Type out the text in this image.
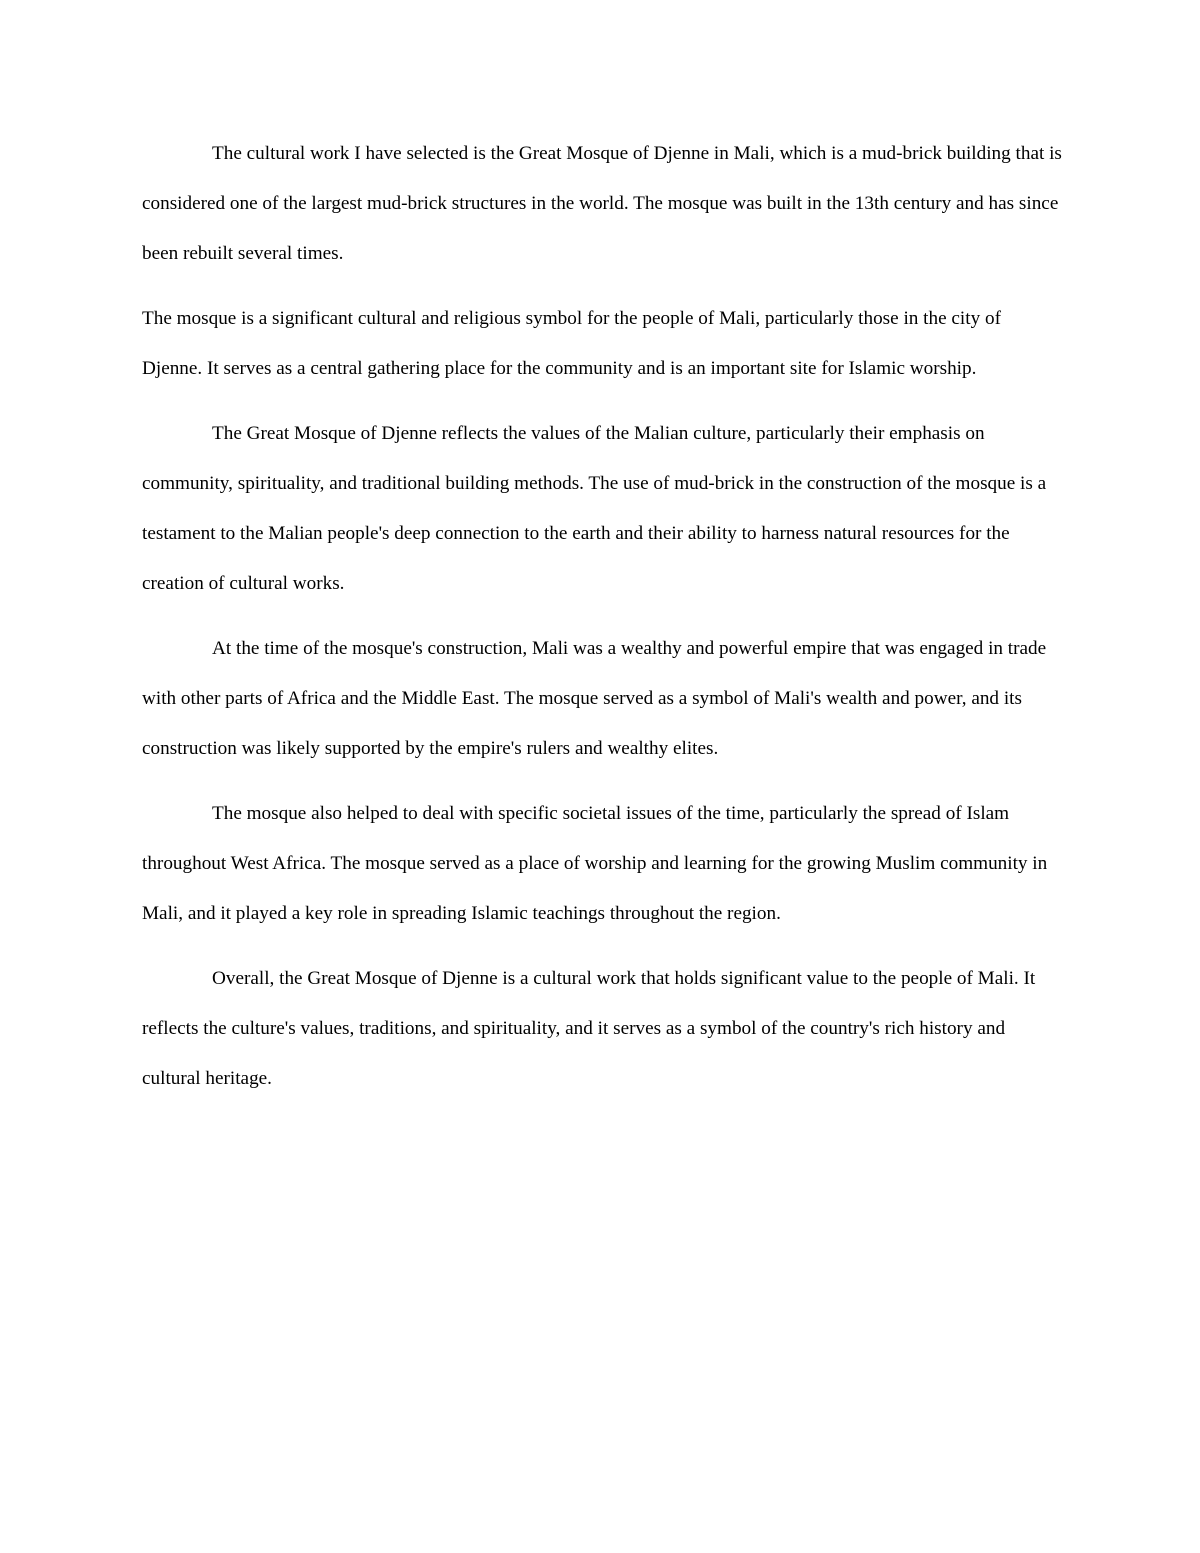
The cultural work I have selected is the Great Mosque of Djenne in Mali, which is a mud-brick building that is considered one of the largest mud-brick structures in the world. The mosque was built in the 13th century and has since been rebuilt several times.

The mosque is a significant cultural and religious symbol for the people of Mali, particularly those in the city of Djenne. It serves as a central gathering place for the community and is an important site for Islamic worship.

The Great Mosque of Djenne reflects the values of the Malian culture, particularly their emphasis on community, spirituality, and traditional building methods. The use of mud-brick in the construction of the mosque is a testament to the Malian people's deep connection to the earth and their ability to harness natural resources for the creation of cultural works.

At the time of the mosque's construction, Mali was a wealthy and powerful empire that was engaged in trade with other parts of Africa and the Middle East. The mosque served as a symbol of Mali's wealth and power, and its construction was likely supported by the empire's rulers and wealthy elites.

The mosque also helped to deal with specific societal issues of the time, particularly the spread of Islam throughout West Africa. The mosque served as a place of worship and learning for the growing Muslim community in Mali, and it played a key role in spreading Islamic teachings throughout the region.

Overall, the Great Mosque of Djenne is a cultural work that holds significant value to the people of Mali. It reflects the culture's values, traditions, and spirituality, and it serves as a symbol of the country's rich history and cultural heritage.
